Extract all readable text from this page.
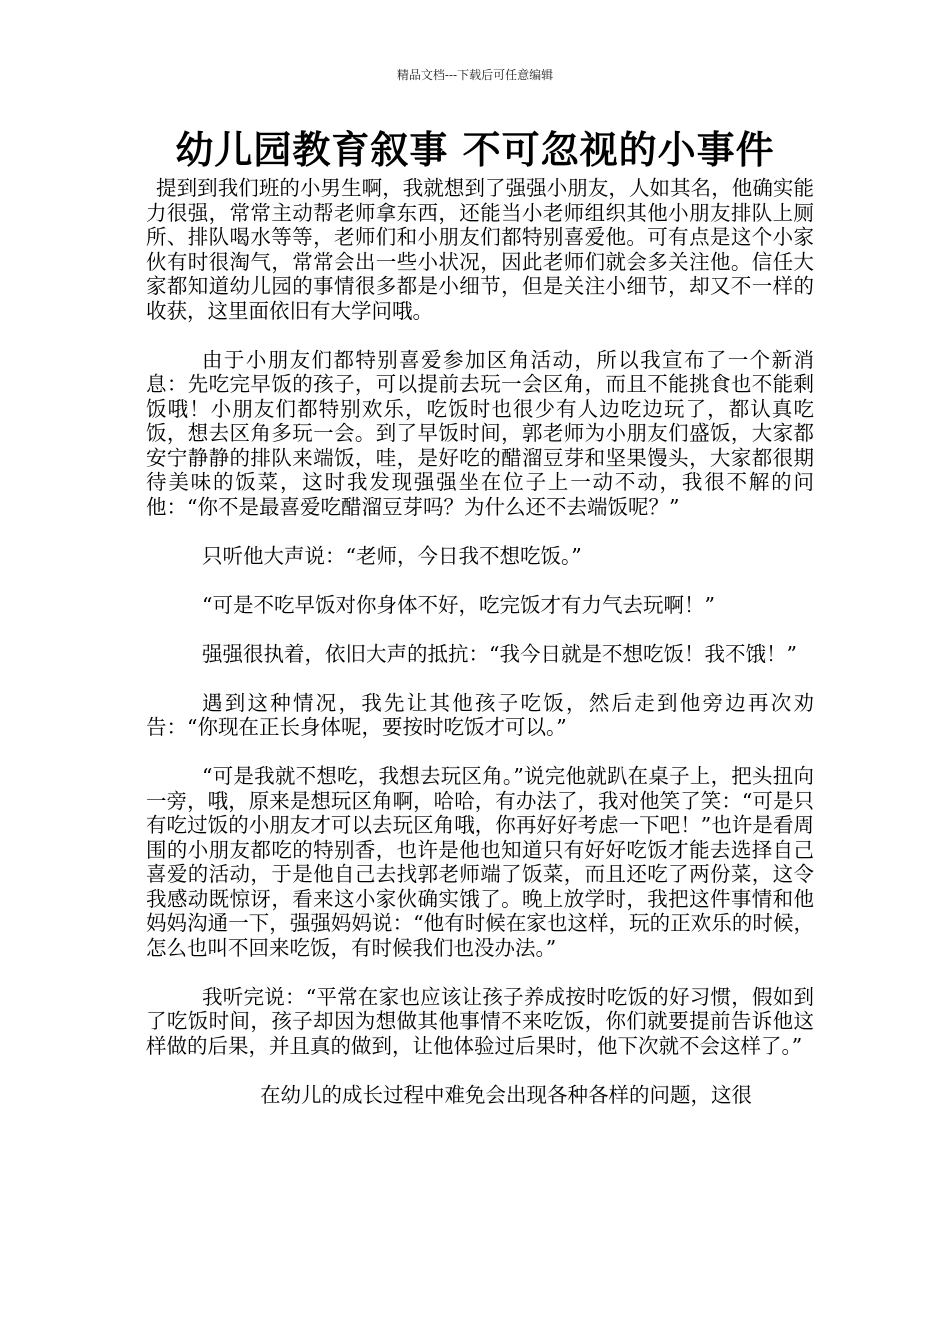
精品文档---下载后可任意编辑
幼儿园教育叙事 不可忽视的小事件

提到到我们班的小男生啊，我就想到了强强小朋友，人如其名，他确实能力很强，常常主动帮老师拿东西，还能当小老师组织其他小朋友排队上厕所、排队喝水等等，老师们和小朋友们都特别喜爱他。可有点是这个小家伙有时很淘气，常常会出一些小状况，因此老师们就会多关注他。信任大家都知道幼儿园的事情很多都是小细节，但是关注小细节，却又不一样的收获，这里面依旧有大学问哦。

由于小朋友们都特别喜爱参加区角活动，所以我宣布了一个新消息：先吃完早饭的孩子，可以提前去玩一会区角，而且不能挑食也不能剩饭哦！小朋友们都特别欢乐，吃饭时也很少有人边吃边玩了，都认真吃饭，想去区角多玩一会。到了早饭时间，郭老师为小朋友们盛饭，大家都安宁静静的排队来端饭，哇，是好吃的醋溜豆芽和坚果馒头，大家都很期待美味的饭菜，这时我发现强强坐在位子上一动不动，我很不解的问他：“你不是最喜爱吃醋溜豆芽吗？为什么还不去端饭呢？”

只听他大声说：“老师，今日我不想吃饭。”

“可是不吃早饭对你身体不好，吃完饭才有力气去玩啊！”

强强很执着，依旧大声的抵抗：“我今日就是不想吃饭！我不饿！”

遇到这种情况，我先让其他孩子吃饭，然后走到他旁边再次劝告：“你现在正长身体呢，要按时吃饭才可以。”

“可是我就不想吃，我想去玩区角。”说完他就趴在桌子上，把头扭向一旁，哦，原来是想玩区角啊，哈哈，有办法了，我对他笑了笑：“可是只有吃过饭的小朋友才可以去玩区角哦，你再好好考虑一下吧！”也许是看周围的小朋友都吃的特别香，也许是他也知道只有好好吃饭才能去选择自己喜爱的活动，于是他自己去找郭老师端了饭菜，而且还吃了两份菜，这令我感动既惊讶，看来这小家伙确实饿了。晚上放学时，我把这件事情和他妈妈沟通一下，强强妈妈说：“他有时候在家也这样，玩的正欢乐的时候，怎么也叫不回来吃饭，有时候我们也没办法。”

我听完说：“平常在家也应该让孩子养成按时吃饭的好习惯，假如到了吃饭时间，孩子却因为想做其他事情不来吃饭，你们就要提前告诉他这样做的后果，并且真的做到，让他体验过后果时，他下次就不会这样了。”

在幼儿的成长过程中难免会出现各种各样的问题，这很
